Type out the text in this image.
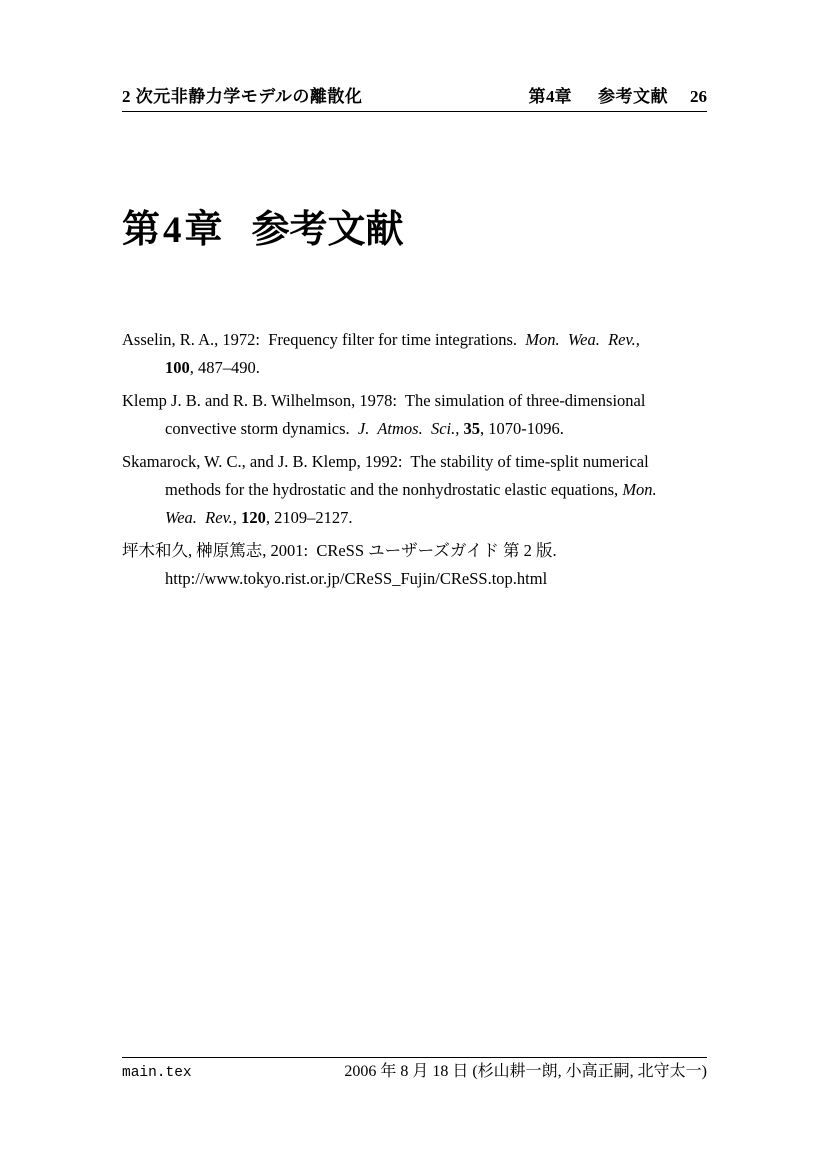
2 次元非静力学モデルの離散化	第4章 参考文献 26
第4章 参考文献
Asselin, R. A., 1972:  Frequency filter for time integrations.  Mon.  Wea.  Rev.,
100, 487–490.
Klemp J. B. and R. B. Wilhelmson, 1978:  The simulation of three-dimensional
convective storm dynamics.  J.  Atmos.  Sci., 35, 1070-1096.
Skamarock, W. C., and J. B. Klemp, 1992:  The stability of time-split numerical
methods for the hydrostatic and the nonhydrostatic elastic equations, Mon.
Wea.  Rev., 120, 2109–2127.
坪木和久, 榊原篤志, 2001:  CReSS ユーザーズガイド 第 2 版.
http://www.tokyo.rist.or.jp/CReSS_Fujin/CReSS.top.html
main.tex	2006 年 8 月 18 日 (杉山耕一朗, 小高正嗣, 北守太一)
